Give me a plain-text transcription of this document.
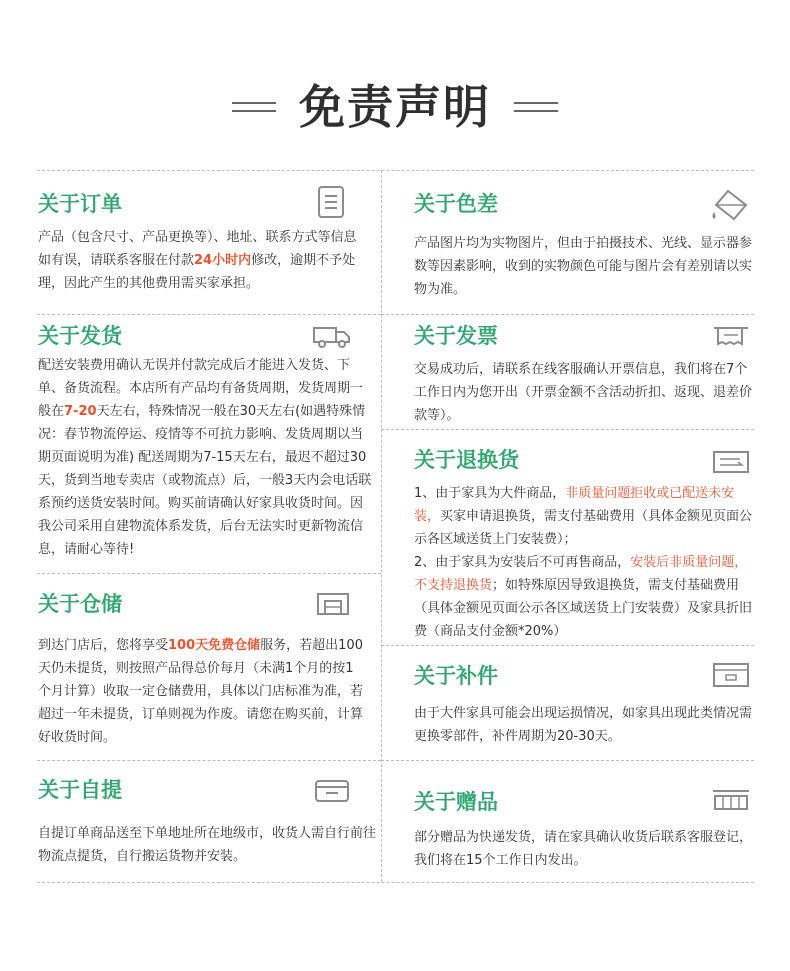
免责声明
关于订单

产品（包含尺寸、产品更换等）、地址、联系方式等信息如有误，请联系客服在付款24小时内修改，逾期不予处理，因此产生的其他费用需买家承担。

关于发货

配送安装费用确认无误并付款完成后才能进入发货、下单、备货流程。本店所有产品均有备货周期，发货周期一般在7-20天左右，特殊情况一般在30天左右(如遇特殊情况：春节物流停运、疫情等不可抗力影响、发货周期以当期页面说明为准) 配送周期为7-15天左右，最迟不超过30天，货到当地专卖店（或物流点）后，一般3天内会电话联系预约送货安装时间。购买前请确认好家具收货时间。因我公司采用自建物流体系发货，后台无法实时更新物流信息，请耐心等待!

关于仓储

到达门店后，您将享受100天免费仓储服务，若超出100天仍未提货，则按照产品得总价每月（未满1个月的按1个月计算）收取一定仓储费用，具体以门店标准为准，若超过一年未提货，订单则视为作废。请您在购买前，计算好收货时间。

关于自提

自提订单商品送至下单地址所在地级市，收货人需自行前往物流点提货，自行搬运货物并安装。

关于色差

产品图片均为实物图片，但由于拍摄技术、光线、显示器参数等因素影响，收到的实物颜色可能与图片会有差别请以实物为准。

关于发票

交易成功后，请联系在线客服确认开票信息，我们将在7个工作日内为您开出（开票金额不含活动折扣、返现、退差价款等）。

关于退换货

1、由于家具为大件商品，非质量问题拒收或已配送未安装，买家申请退换货，需支付基础费用（具体金额见页面公示各区域送货上门安装费）；

2、由于家具为安装后不可再售商品，安装后非质量问题，不支持退换货；如特殊原因导致退换货，需支付基础费用（具体金额见页面公示各区域送货上门安装费）及家具折旧费（商品支付金额*20%）

关于补件

由于大件家具可能会出现运损情况，如家具出现此类情况需更换零部件，补件周期为20-30天。

关于赠品

部分赠品为快递发货，请在家具确认收货后联系客服登记，我们将在15个工作日内发出。
